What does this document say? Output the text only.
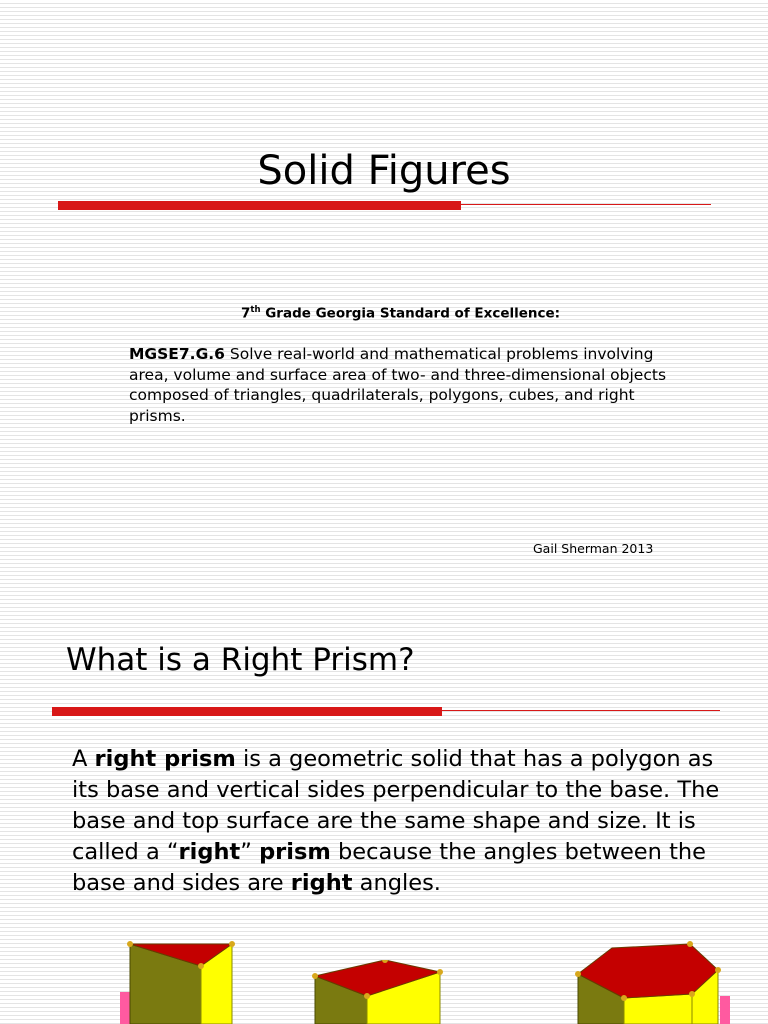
Solid Figures
7th Grade Georgia Standard of Excellence:
MGSE7.G.6 Solve real-world and mathematical problems involving area, volume and surface area of two- and three-dimensional objects composed of triangles, quadrilaterals, polygons, cubes, and right prisms.
Gail Sherman 2013
What is a Right Prism?
A right prism is a geometric solid that has a polygon as its base and vertical sides perpendicular to the base. The base and top surface are the same shape and size. It is called a “right” prism because the angles between the base and sides are right angles.
